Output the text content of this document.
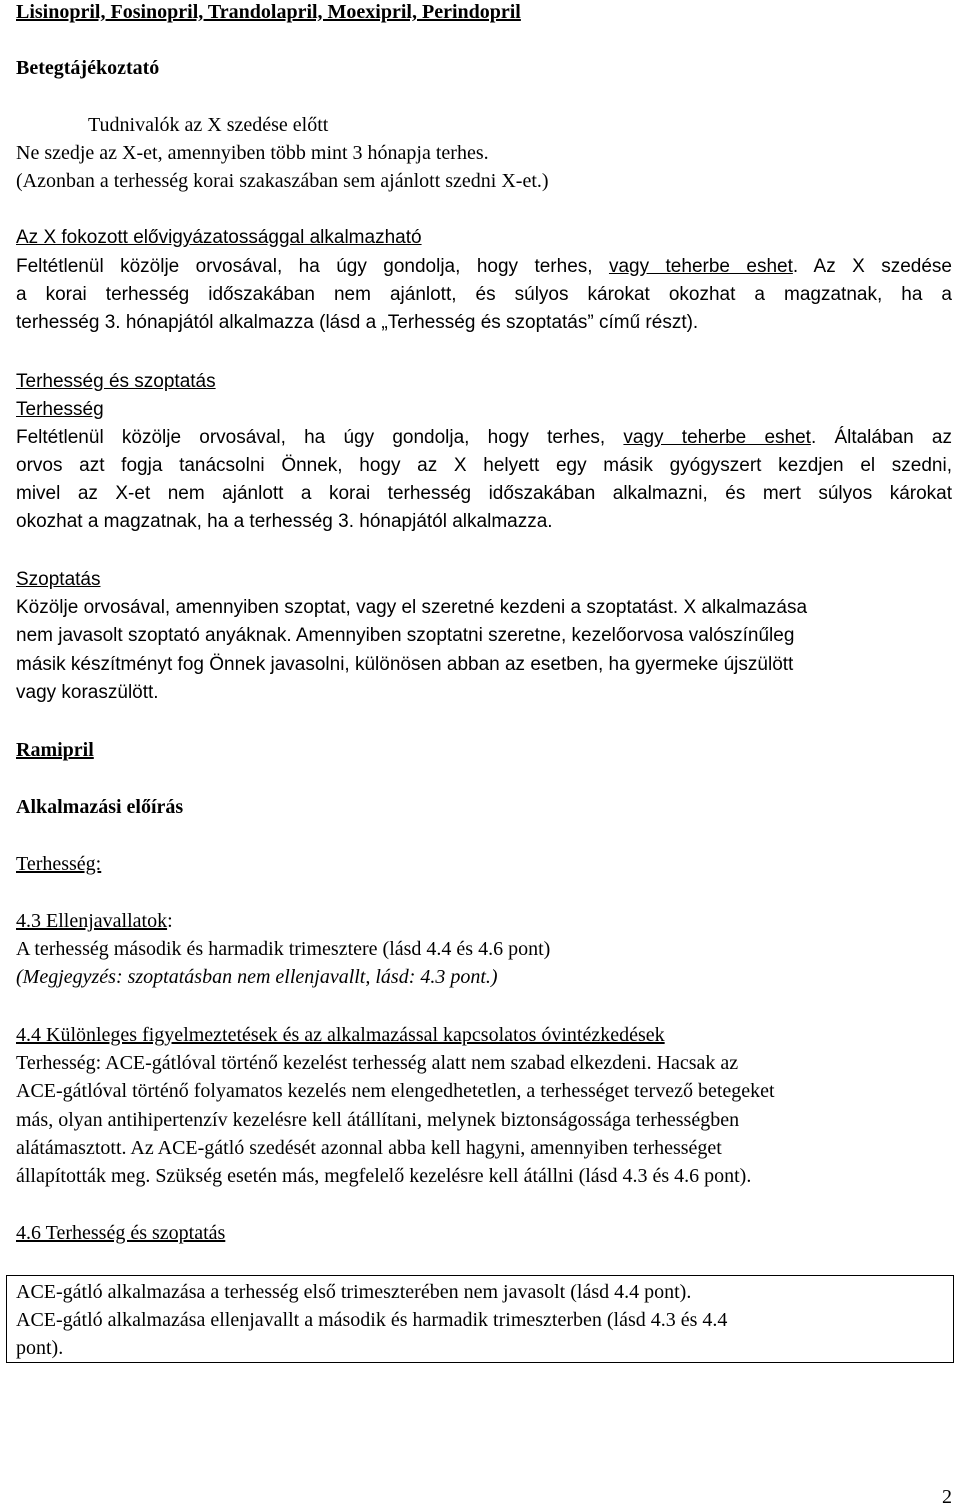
Lisinopril, Fosinopril, Trandolapril, Moexipril, Perindopril
Betegtájékoztató
Tudnivalók az X szedése előtt
Ne szedje az X-et, amennyiben több mint 3 hónapja terhes.
(Azonban a terhesség korai szakaszában sem ajánlott szedni X-et.)
Az X fokozott elővigyázatossággal alkalmazható
Feltétlenül közölje orvosával, ha úgy gondolja, hogy terhes, vagy teherbe eshet. Az X szedése
a korai terhesség időszakában nem ajánlott, és súlyos károkat okozhat a magzatnak, ha a
terhesség 3. hónapjától alkalmazza (lásd a „Terhesség és szoptatás” című részt).
Terhesség és szoptatás
Terhesség
Feltétlenül közölje orvosával, ha úgy gondolja, hogy terhes, vagy teherbe eshet. Általában az
orvos azt fogja tanácsolni Önnek, hogy az X helyett egy másik gyógyszert kezdjen el szedni,
mivel az X-et nem ajánlott a korai terhesség időszakában alkalmazni, és mert súlyos károkat
okozhat a magzatnak, ha a terhesség 3. hónapjától alkalmazza.
Szoptatás
Közölje orvosával, amennyiben szoptat, vagy el szeretné kezdeni a szoptatást. X alkalmazása
nem javasolt szoptató anyáknak. Amennyiben szoptatni szeretne, kezelőorvosa valószínűleg
másik készítményt fog Önnek javasolni, különösen abban az esetben, ha gyermeke újszülött
vagy koraszülött.
Ramipril
Alkalmazási előírás
Terhesség:
4.3 Ellenjavallatok:
A terhesség második és harmadik trimesztere (lásd 4.4 és 4.6 pont)
(Megjegyzés: szoptatásban nem ellenjavallt, lásd: 4.3 pont.)
4.4 Különleges figyelmeztetések és az alkalmazással kapcsolatos óvintézkedések
Terhesség: ACE-gátlóval történő kezelést terhesség alatt nem szabad elkezdeni. Hacsak az
ACE-gátlóval történő folyamatos kezelés nem elengedhetetlen, a terhességet tervező betegeket
más, olyan antihipertenzív kezelésre kell átállítani, melynek biztonságossága terhességben
alátámasztott. Az ACE-gátló szedését azonnal abba kell hagyni, amennyiben terhességet
állapították meg. Szükség esetén más, megfelelő kezelésre kell átállni (lásd 4.3 és 4.6 pont).
4.6 Terhesség és szoptatás
ACE-gátló alkalmazása a terhesség első trimeszterében nem javasolt (lásd 4.4 pont).
ACE-gátló alkalmazása ellenjavallt a második és harmadik trimeszterben (lásd 4.3 és 4.4
pont).
2
